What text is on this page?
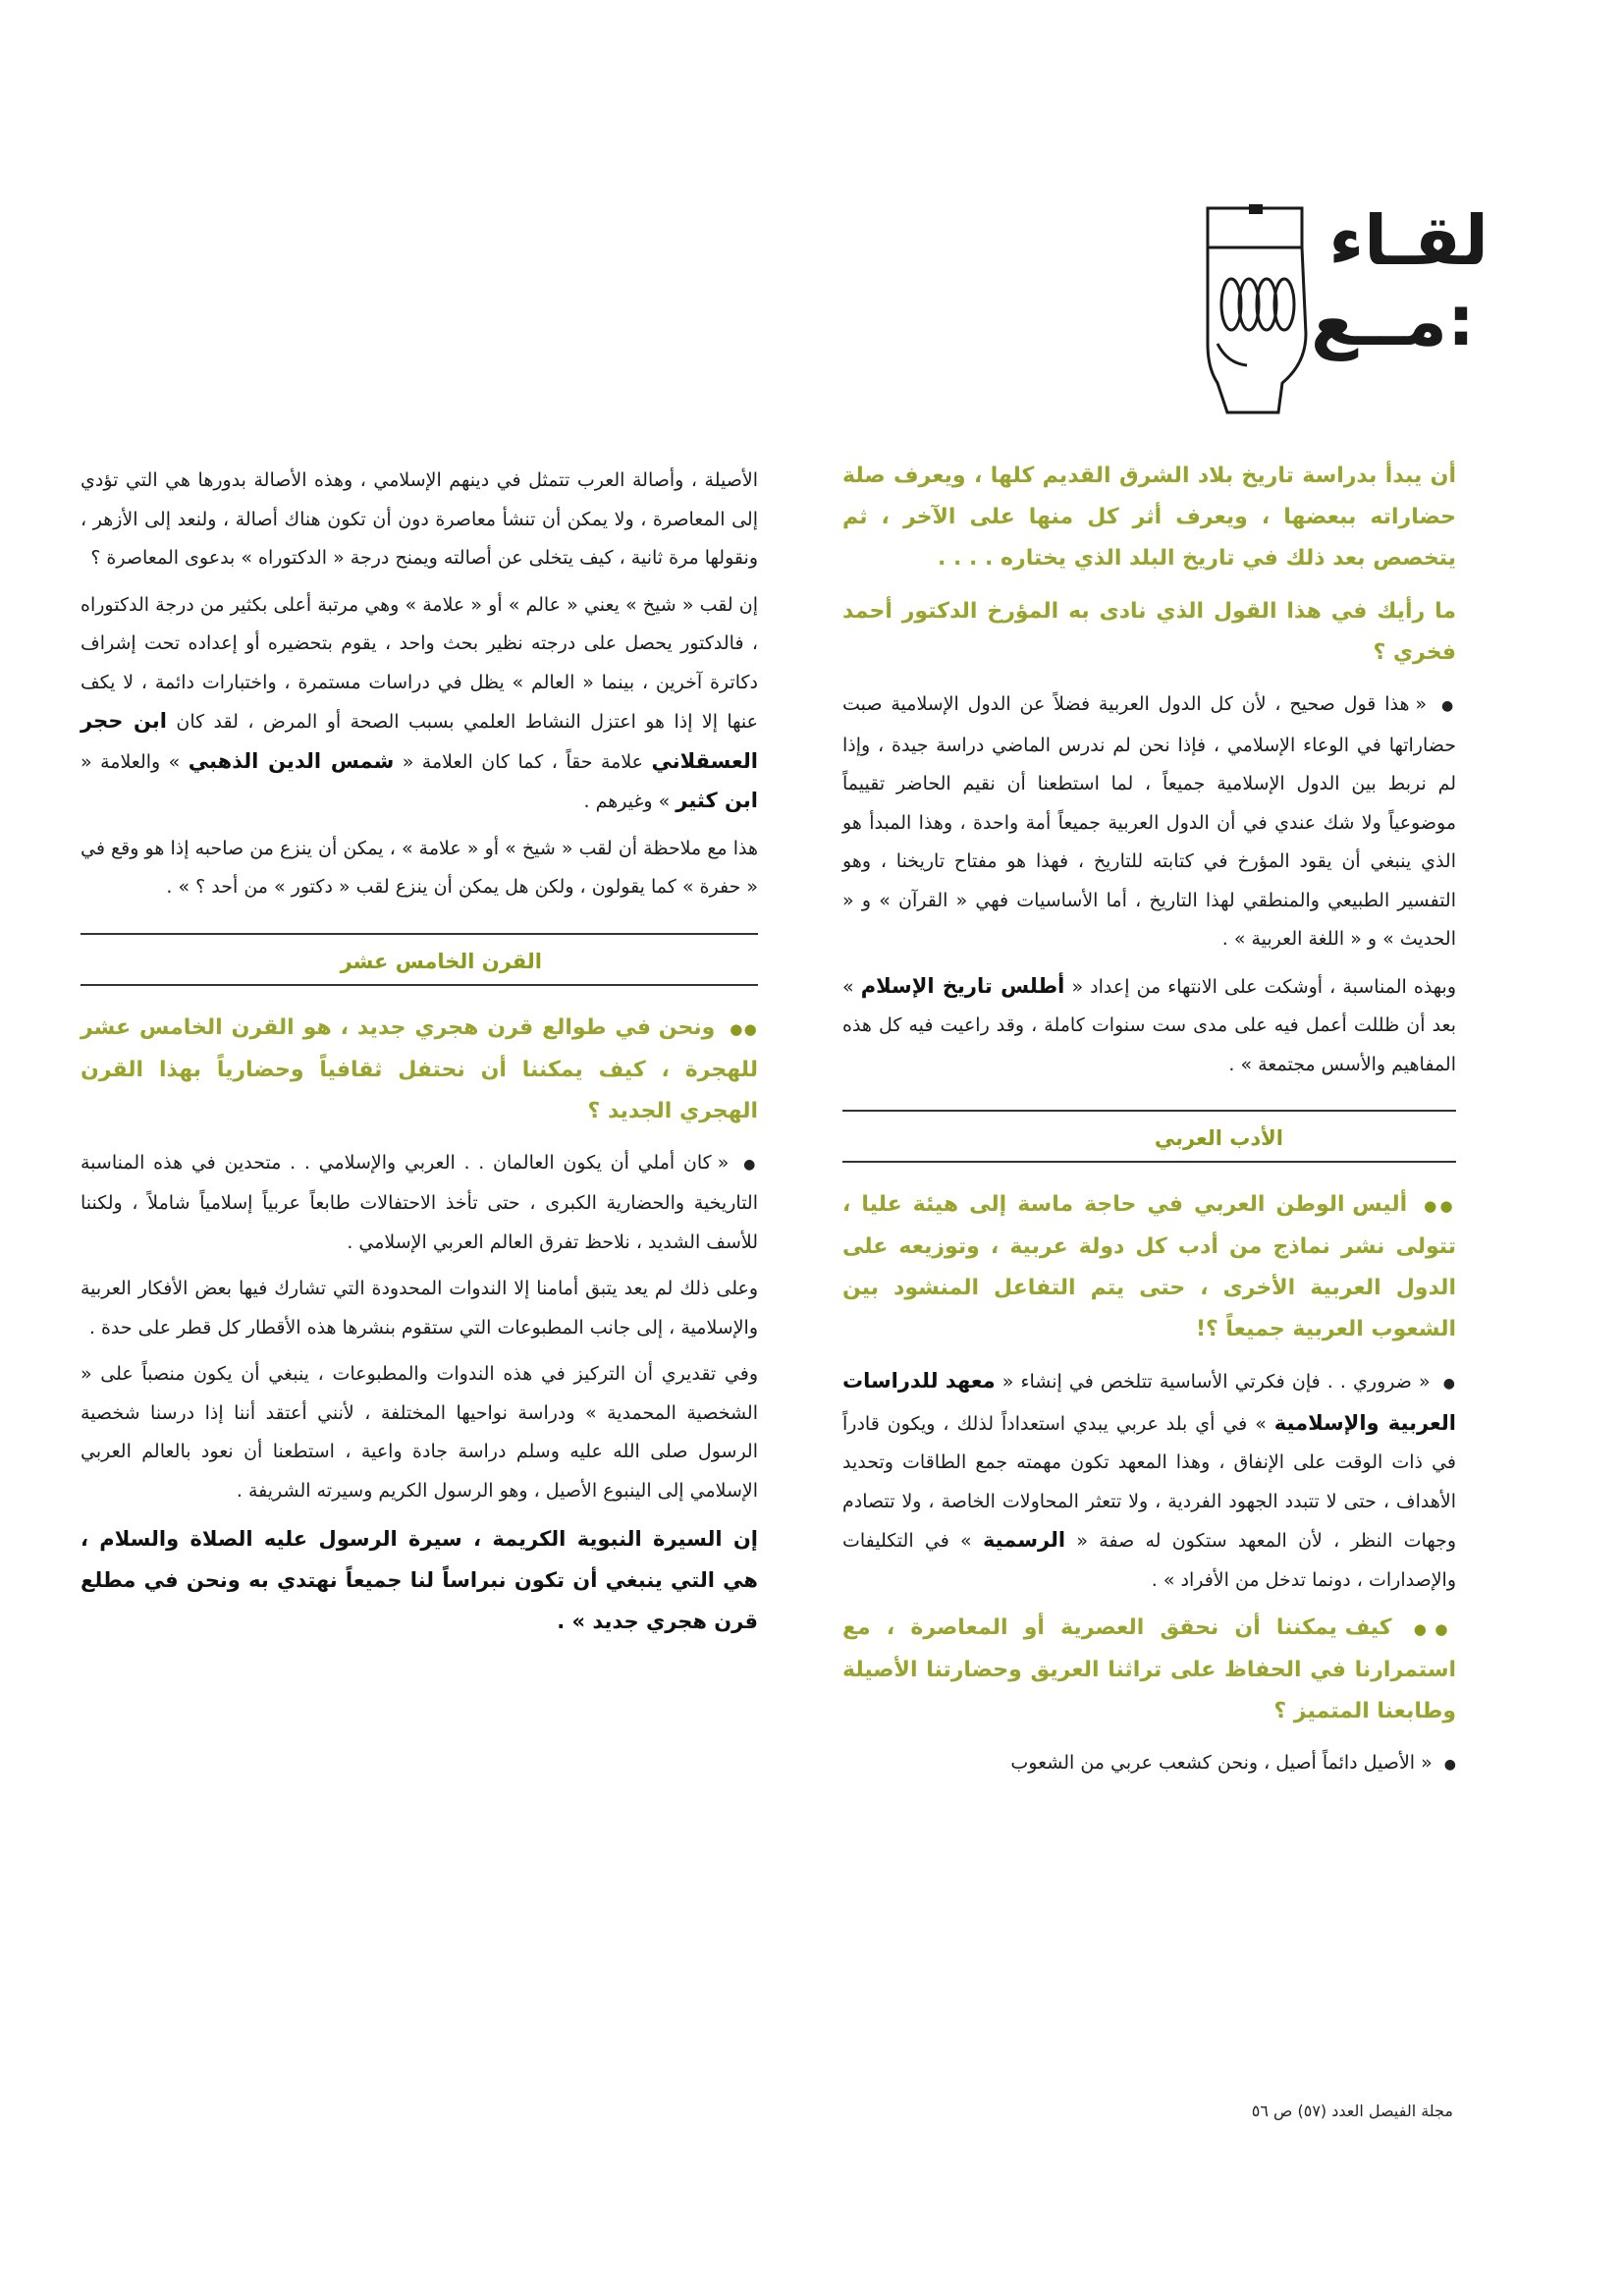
لقـاء
مــع:

أن يبدأ بدراسة تاريخ بلاد الشرق القديم كلها ، ويعرف صلة حضاراته ببعضها ، ويعرف أثر كل منها على الآخر ، ثم يتخصص بعد ذلك في تاريخ البلد الذي يختاره . . . .

ما رأيك في هذا القول الذي نادى به المؤرخ الدكتور أحمد فخري ؟

● « هذا قول صحيح ، لأن كل الدول العربية فضلاً عن الدول الإسلامية صبت حضاراتها في الوعاء الإسلامي ، فإذا نحن لم ندرس الماضي دراسة جيدة ، وإذا لم نربط بين الدول الإسلامية جميعاً ، لما استطعنا أن نقيم الحاضر تقييماً موضوعياً ولا شك عندي في أن الدول العربية جميعاً أمة واحدة ، وهذا المبدأ هو الذي ينبغي أن يقود المؤرخ في كتابته للتاريخ ، فهذا هو مفتاح تاريخنا ، وهو التفسير الطبيعي والمنطقي لهذا التاريخ ، أما الأساسيات فهي « القرآن » و « الحديث » و « اللغة العربية » .

وبهذه المناسبة ، أوشكت على الانتهاء من إعداد « أطلس تاريخ الإسلام » بعد أن ظللت أعمل فيه على مدى ست سنوات كاملة ، وقد راعيت فيه كل هذه المفاهيم والأسس مجتمعة » .

الأدب العربي

●● أليس الوطن العربي في حاجة ماسة إلى هيئة عليا ، تتولى نشر نماذج من أدب كل دولة عربية ، وتوزيعه على الدول العربية الأخرى ، حتى يتم التفاعل المنشود بين الشعوب العربية جميعاً ؟!

● « ضروري . . فإن فكرتي الأساسية تتلخص في إنشاء « معهد للدراسات العربية والإسلامية » في أي بلد عربي يبدي استعداداً لذلك ، ويكون قادراً في ذات الوقت على الإنفاق ، وهذا المعهد تكون مهمته جمع الطاقات وتحديد الأهداف ، حتى لا تتبدد الجهود الفردية ، ولا تتعثر المحاولات الخاصة ، ولا تتصادم وجهات النظر ، لأن المعهد ستكون له صفة « الرسمية » في التكليفات والإصدارات ، دونما تدخل من الأفراد » .

●● كيف يمكننا أن نحقق العصرية أو المعاصرة ، مع استمرارنا في الحفاظ على تراثنا العريق وحضارتنا الأصيلة وطابعنا المتميز ؟

● « الأصيل دائماً أصيل ، ونحن كشعب عربي من الشعوب

الأصيلة ، وأصالة العرب تتمثل في دينهم الإسلامي ، وهذه الأصالة بدورها هي التي تؤدي إلى المعاصرة ، ولا يمكن أن تنشأ معاصرة دون أن تكون هناك أصالة ، ولنعد إلى الأزهر ، ونقولها مرة ثانية ، كيف يتخلى عن أصالته ويمنح درجة « الدكتوراه » بدعوى المعاصرة ؟

إن لقب « شيخ » يعني « عالم » أو « علامة » وهي مرتبة أعلى بكثير من درجة الدكتوراه ، فالدكتور يحصل على درجته نظير بحث واحد ، يقوم بتحضيره أو إعداده تحت إشراف دكاترة آخرين ، بينما « العالم » يظل في دراسات مستمرة ، واختبارات دائمة ، لا يكف عنها إلا إذا هو اعتزل النشاط العلمي بسبب الصحة أو المرض ، لقد كان ابن حجر العسقلاني علامة حقاً ، كما كان العلامة « شمس الدين الذهبي » والعلامة « ابن كثير » وغيرهم .

هذا مع ملاحظة أن لقب « شيخ » أو « علامة » ، يمكن أن ينزع من صاحبه إذا هو وقع في « حفرة » كما يقولون ، ولكن هل يمكن أن ينزع لقب « دكتور » من أحد ؟ » .

القرن الخامس عشر

●● ونحن في طوالع قرن هجري جديد ، هو القرن الخامس عشر للهجرة ، كيف يمكننا أن نحتفل ثقافياً وحضارياً بهذا القرن الهجري الجديد ؟

● « كان أملي أن يكون العالمان . . العربي والإسلامي . . متحدين في هذه المناسبة التاريخية والحضارية الكبرى ، حتى تأخذ الاحتفالات طابعاً عربياً إسلامياً شاملاً ، ولكننا للأسف الشديد ، نلاحظ تفرق العالم العربي الإسلامي .

وعلى ذلك لم يعد يتبق أمامنا إلا الندوات المحدودة التي تشارك فيها بعض الأفكار العربية والإسلامية ، إلى جانب المطبوعات التي ستقوم بنشرها هذه الأقطار كل قطر على حدة .

وفي تقديري أن التركيز في هذه الندوات والمطبوعات ، ينبغي أن يكون منصباً على « الشخصية المحمدية » ودراسة نواحيها المختلفة ، لأنني أعتقد أننا إذا درسنا شخصية الرسول صلى الله عليه وسلم دراسة جادة واعية ، استطعنا أن نعود بالعالم العربي الإسلامي إلى الينبوع الأصيل ، وهو الرسول الكريم وسيرته الشريفة .

إن السيرة النبوية الكريمة ، سيرة الرسول عليه الصلاة والسلام ، هي التي ينبغي أن تكون نبراساً لنا جميعاً نهتدي به ونحن في مطلع قرن هجري جديد » .

مجلة الفيصل العدد (٥٧) ص ٥٦
